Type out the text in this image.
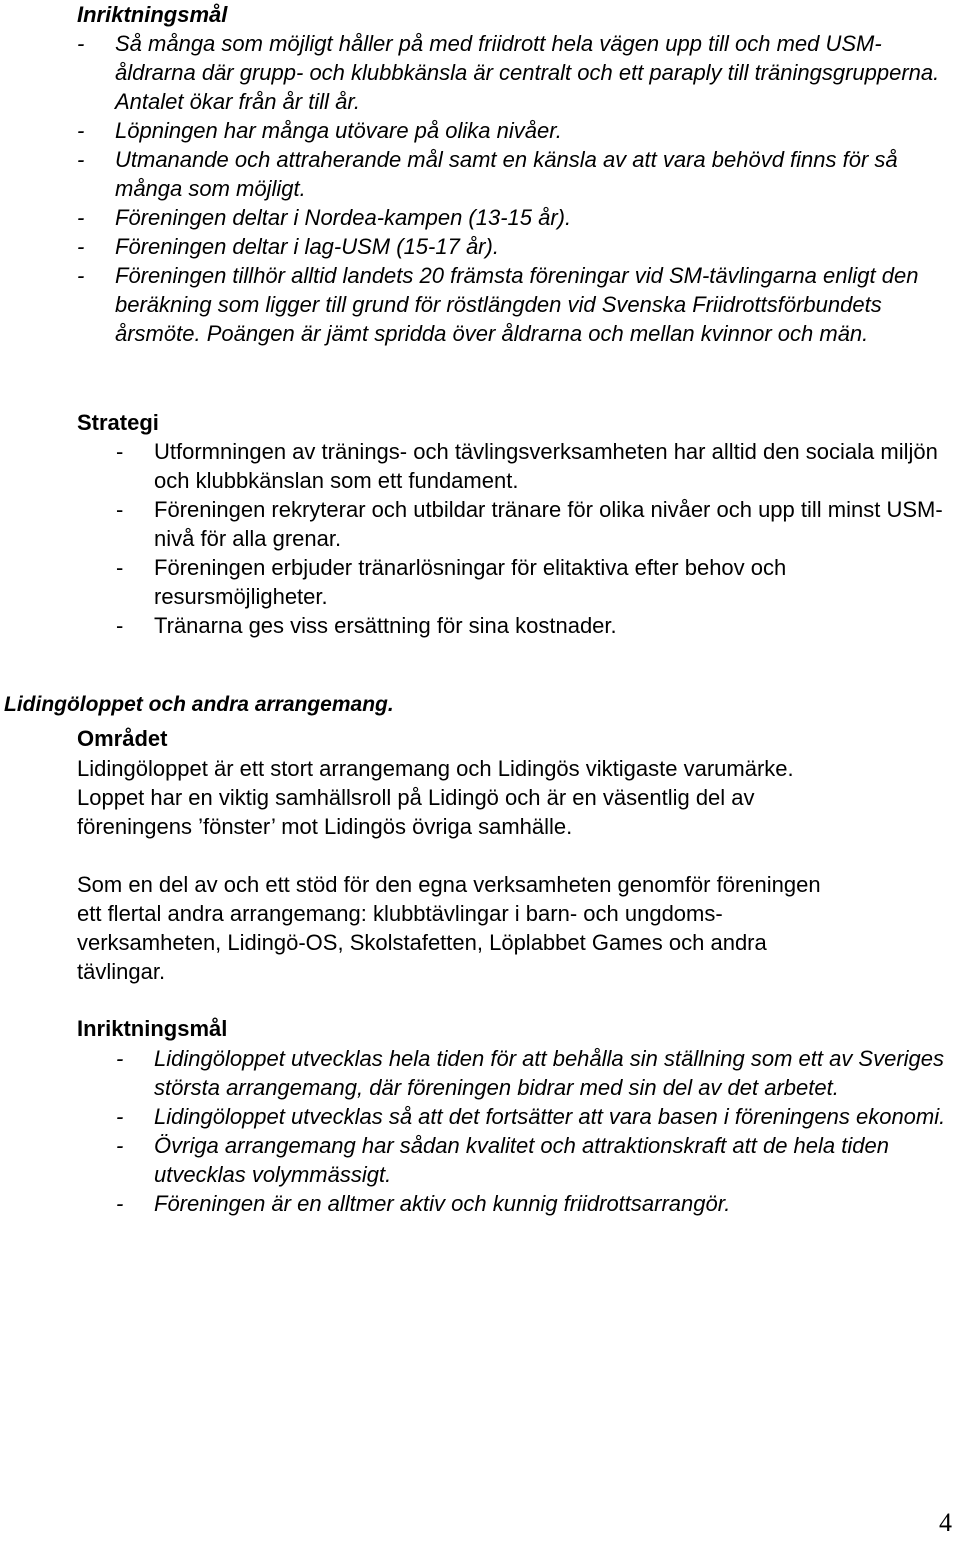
Inriktningsmål
- Så många som möjligt håller på med friidrott hela vägen upp till och med USM-åldrarna där grupp- och klubbkänsla är centralt och ett paraply till träningsgrupperna. Antalet ökar från år till år.
- Löpningen har många utövare på olika nivåer.
- Utmanande och attraherande mål samt en känsla av att vara behövd finns för så många som möjligt.
- Föreningen deltar i Nordea-kampen (13-15 år).
- Föreningen deltar i lag-USM (15-17 år).
- Föreningen tillhör alltid landets 20 främsta föreningar vid SM-tävlingarna enligt den beräkning som ligger till grund för röstlängden vid Svenska Friidrottsförbundets årsmöte. Poängen är jämt spridda över åldrarna och mellan kvinnor och män.
Strategi
- Utformningen av tränings- och tävlingsverksamheten har alltid den sociala miljön och klubbkänslan som ett fundament.
- Föreningen rekryterar och utbildar tränare för olika nivåer och upp till minst USM-nivå för alla grenar.
- Föreningen erbjuder tränarlösningar för elitaktiva efter behov och resursmöjligheter.
- Tränarna ges viss ersättning för sina kostnader.
Lidingöloppet och andra arrangemang.
Området
Lidingöloppet är ett stort arrangemang och Lidingös viktigaste varumärke.
Loppet har en viktig samhällsroll på Lidingö och är en väsentlig del av
föreningens ’fönster’ mot Lidingös övriga samhälle.
Som en del av och ett stöd för den egna verksamheten genomför föreningen
ett flertal andra arrangemang: klubbtävlingar i barn- och ungdoms-
verksamheten, Lidingö-OS, Skolstafetten, Löplabbet Games och andra
tävlingar.
Inriktningsmål
- Lidingöloppet utvecklas hela tiden för att behålla sin ställning som ett av Sveriges största arrangemang, där föreningen bidrar med sin del av det arbetet.
- Lidingöloppet utvecklas så att det fortsätter att vara basen i föreningens ekonomi.
- Övriga arrangemang har sådan kvalitet och attraktionskraft att de hela tiden utvecklas volymmässigt.
- Föreningen är en alltmer aktiv och kunnig friidrottsarrangör.
4
